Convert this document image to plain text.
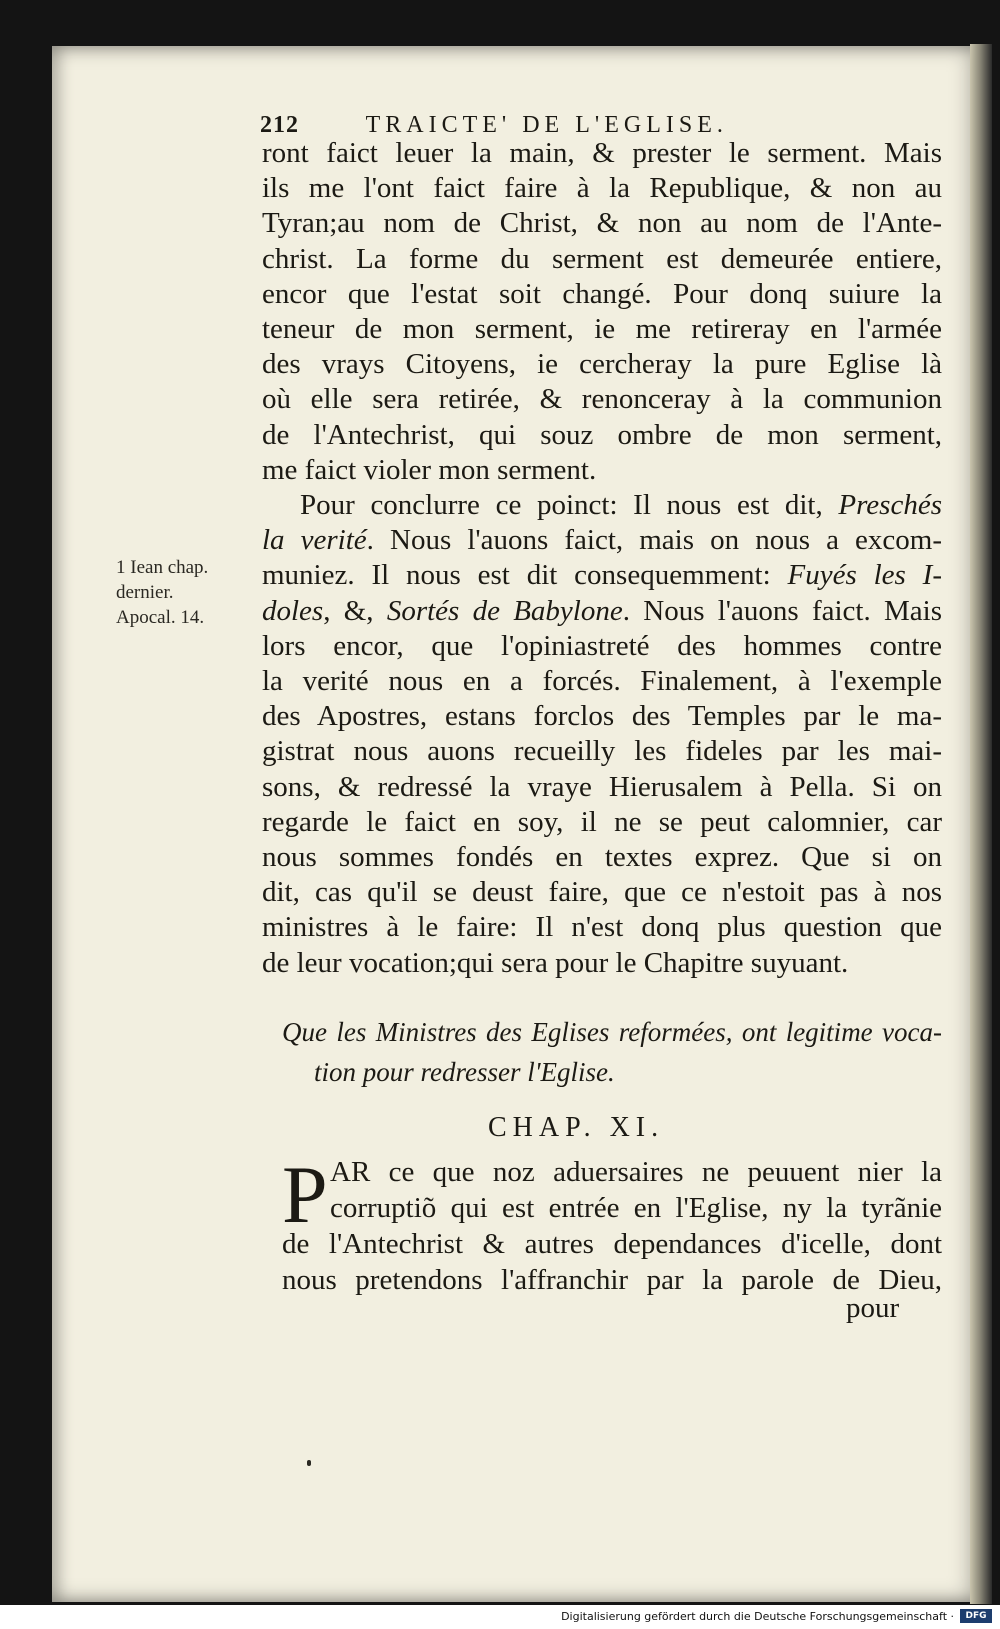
212	TRAICTE' DE L'EGLISE.
ront faict leuer la main, & prester le serment. Mais
ils me l'ont faict faire à la Republique, & non au
Tyran;au nom de Christ, & non au nom de l'Ante-
christ. La forme du serment est demeurée entiere,
encor que l'estat soit changé. Pour donq suiure la
teneur de mon serment, ie me retireray en l'armée
des vrays Citoyens, ie cercheray la pure Eglise là
où elle sera retirée, & renonceray à la communion
de l'Antechrist, qui souz ombre de mon serment,
me faict violer mon serment.
Pour conclurre ce poinct: Il nous est dit, Preschés
la verité. Nous l'auons faict, mais on nous a excom-
muniez. Il nous est dit consequemment: Fuyés les I-
doles, &, Sortés de Babylone. Nous l'auons faict. Mais
lors encor, que l'opiniastreté des hommes contre
la verité nous en a forcés. Finalement, à l'exemple
des Apostres, estans forclos des Temples par le ma-
gistrat nous auons recueilly les fideles par les mai-
sons, & redressé la vraye Hierusalem à Pella. Si on
regarde le faict en soy, il ne se peut calomnier, car
nous sommes fondés en textes exprez. Que si on
dit, cas qu'il se deust faire, que ce n'estoit pas à nos
ministres à le faire: Il n'est donq plus question que
de leur vocation;qui sera pour le Chapitre suyuant.
1 Iean chap.
dernier.
Apocal. 14.
Que les Ministres des Eglises reformées, ont legitime voca-
tion pour redresser l'Eglise.
CHAP. XI.
P AR ce que noz aduersaires ne peuuent nier la
corruptiõ qui est entrée en l'Eglise, ny la tyrãnie
de l'Antechrist & autres dependances d'icelle, dont
nous pretendons l'affranchir par la parole de Dieu,
pour
Digitalisierung gefördert durch die Deutsche Forschungsgemeinschaft ·	DFG
